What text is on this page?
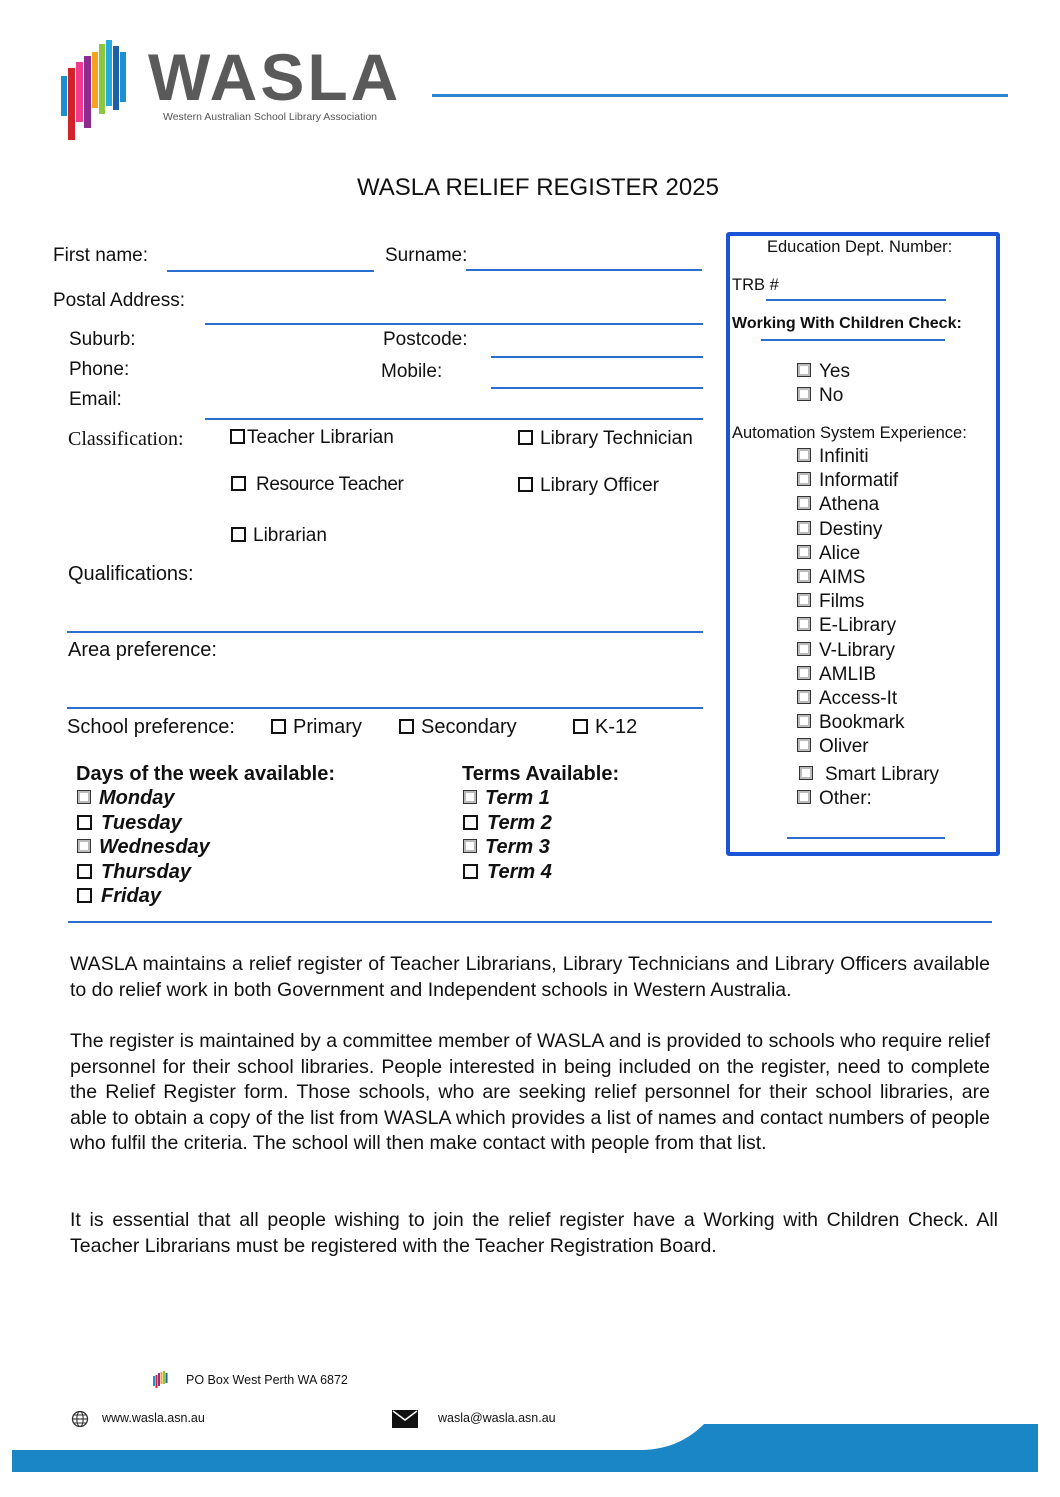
WASLA
Western Australian School Library Association
WASLA RELIEF REGISTER 2025
First name:	Surname:
Postal Address:
Suburb:	Postcode:
Phone:	Mobile:
Email:
Classification:	Teacher Librarian	Library Technician
Resource Teacher	Library Officer
Librarian
Qualifications:
Area preference:
School preference:	Primary	Secondary	K-12
Days of the week available:
Monday
Tuesday
Wednesday
Thursday
Friday
Terms Available:
Term 1
Term 2
Term 3
Term 4
Education Dept. Number:
TRB #
Working With Children Check:
Yes
No
Automation System Experience:
Infiniti
Informatif
Athena
Destiny
Alice
AIMS
Films
E-Library
V-Library
AMLIB
Access-It
Bookmark
Oliver
Smart Library
Other:
WASLA maintains a relief register of Teacher Librarians, Library Technicians and Library Officers available to do relief work in both Government and Independent schools in Western Australia.
The register is maintained by a committee member of WASLA and is provided to schools who require relief personnel for their school libraries. People interested in being included on the register, need to complete the Relief Register form. Those schools, who are seeking relief personnel for their school libraries, are able to obtain a copy of the list from WASLA which provides a list of names and contact numbers of people who fulfil the criteria. The school will then make contact with people from that list.
It is essential that all people wishing to join the relief register have a Working with Children Check. All Teacher Librarians must be registered with the Teacher Registration Board.
PO Box West Perth WA 6872
www.wasla.asn.au	wasla@wasla.asn.au
